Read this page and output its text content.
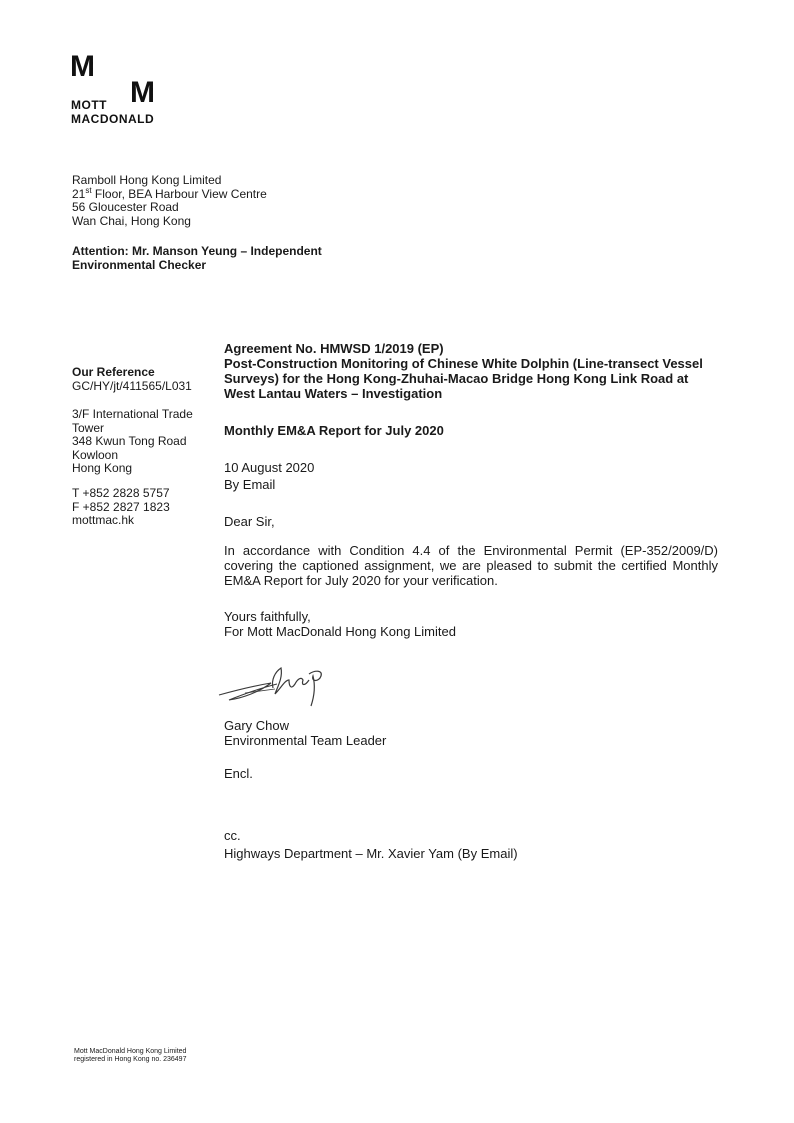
M
M
MOTT
MACDONALD
Ramboll Hong Kong Limited
21st Floor, BEA Harbour View Centre
56 Gloucester Road
Wan Chai, Hong Kong
Attention: Mr. Manson Yeung – Independent
Environmental Checker
Our Reference
GC/HY/jt/411565/L031
3/F International Trade
Tower
348 Kwun Tong Road
Kowloon
Hong Kong
T +852 2828 5757
F +852 2827 1823
mottmac.hk
Agreement No. HMWSD 1/2019 (EP)
Post-Construction Monitoring of Chinese White Dolphin (Line-transect Vessel
Surveys) for the Hong Kong-Zhuhai-Macao Bridge Hong Kong Link Road at
West Lantau Waters – Investigation
Monthly EM&A Report for July 2020
10 August 2020
By Email
Dear Sir,
In accordance with Condition 4.4 of the Environmental Permit (EP-352/2009/D) covering the captioned assignment, we are pleased to submit the certified Monthly EM&A Report for July 2020 for your verification.
Yours faithfully,
For Mott MacDonald Hong Kong Limited
Gary Chow
Environmental Team Leader
Encl.
cc.
Highways Department – Mr. Xavier Yam (By Email)
Mott MacDonald Hong Kong Limited
registered in Hong Kong no. 236497
